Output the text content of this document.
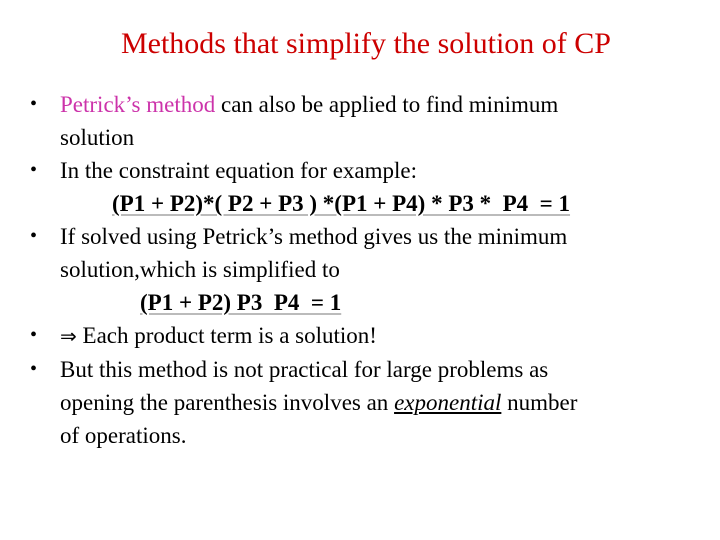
Methods that simplify the solution of CP
• Petrick’s method can also be applied to find minimum
solution
• In the constraint equation for example:
(P1 + P2)*( P2 + P3 ) *(P1 + P4) * P3 *  P4  = 1
• If solved using Petrick’s method gives us the minimum
solution,which is simplified to
(P1 + P2) P3  P4  = 1
•	⇒ Each product term is a solution!
• But this method is not practical for large problems as
opening the parenthesis involves an exponential number
of operations.
